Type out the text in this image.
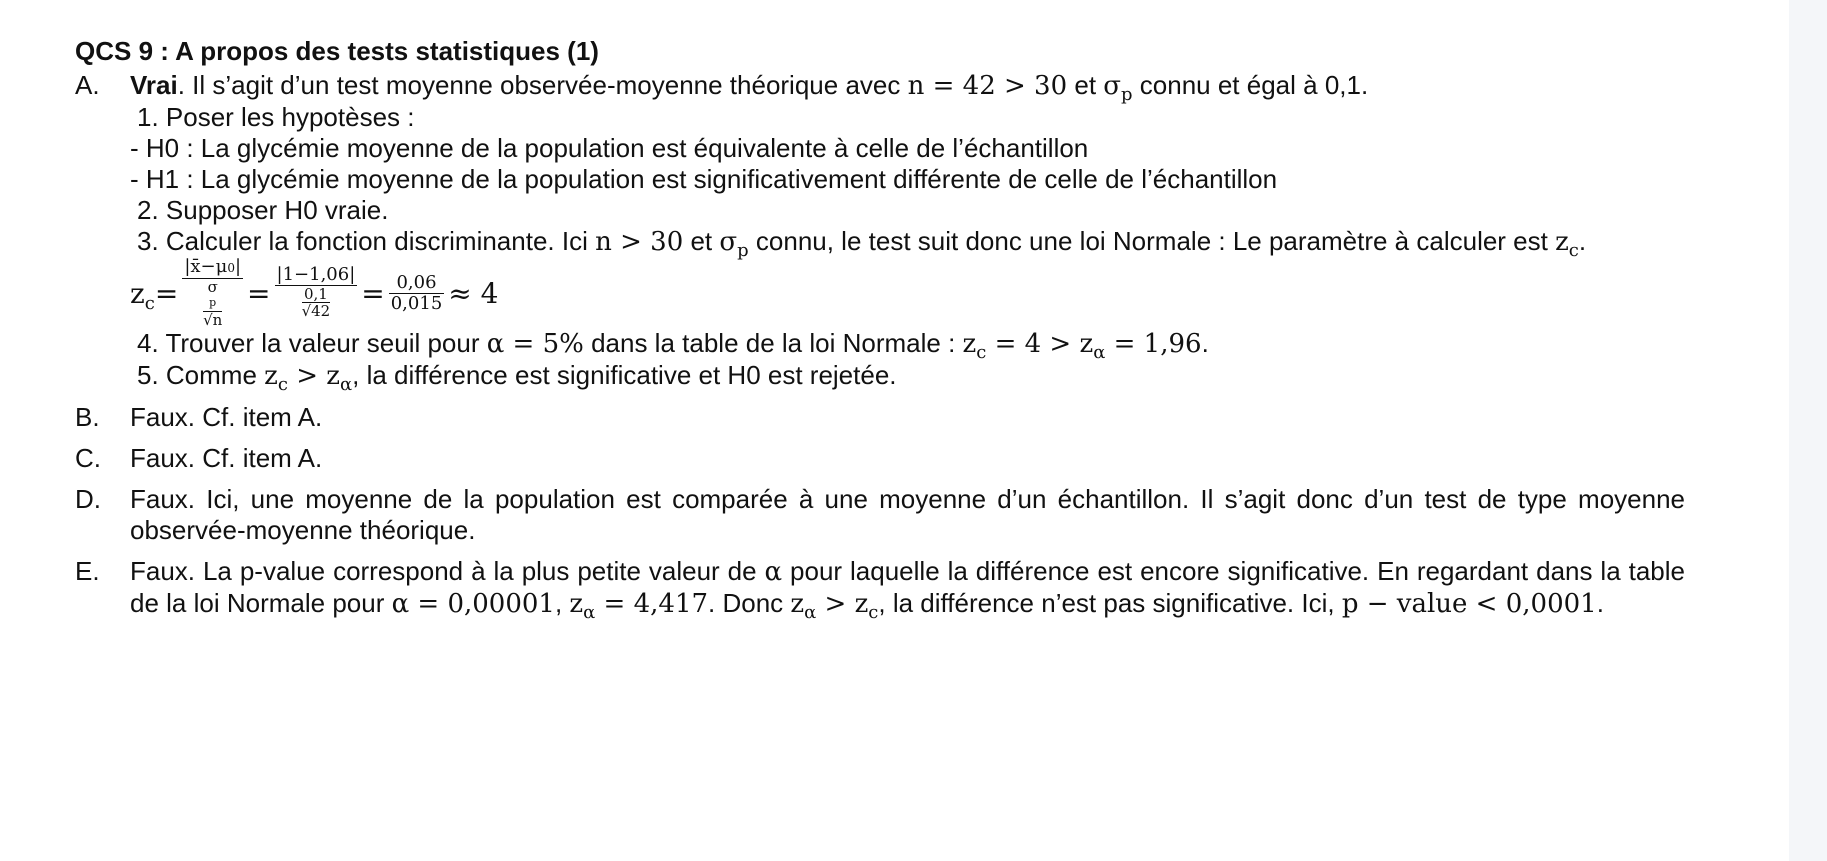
QCS 9 : A propos des tests statistiques (1)
A.	Vrai. Il s’agit d’un test moyenne observée-moyenne théorique avec n = 42 > 30 et $\sigma_p$ connu et égal à 0,1.
1. Poser les hypotèses :
- H0 : La glycémie moyenne de la population est équivalente à celle de l’échantillon
- H1 : La glycémie moyenne de la population est significativement différente de celle de l’échantillon
2. Supposer H0 vraie.
3. Calculer la fonction discriminante. Ici n > 30 et $\sigma_p$ connu, le test suit donc une loi Normale : Le paramètre à calculer est $z_c$.
$z_c$ = |x̄−μ0|
σ
p
$√n = \frac{|1-1,06|}{\frac{0,1}{√42}} = \frac{0,06}{0,015} \approx 4$
4. Trouver la valeur seuil pour α = 5% dans la table de la loi Normale : $z_c = 4 > z_\alpha = 1,96$.
5. Comme $z_c > z_\alpha$, la différence est significative et H0 est rejetée.
B.	Faux. Cf. item A.
C.	Faux. Cf. item A.
D.	Faux. Ici, une moyenne de la population est comparée à une moyenne d’un échantillon. Il s’agit donc d’un test de type moyenne observée-moyenne théorique.
E.	Faux. La p-value correspond à la plus petite valeur de α pour laquelle la différence est encore significative. En regardant dans la table de la loi Normale pour α = 0,00001, $z_\alpha = 4,417$. Donc $z_\alpha > z_c$, la différence n’est pas significative. Ici, p − value < 0,0001.
